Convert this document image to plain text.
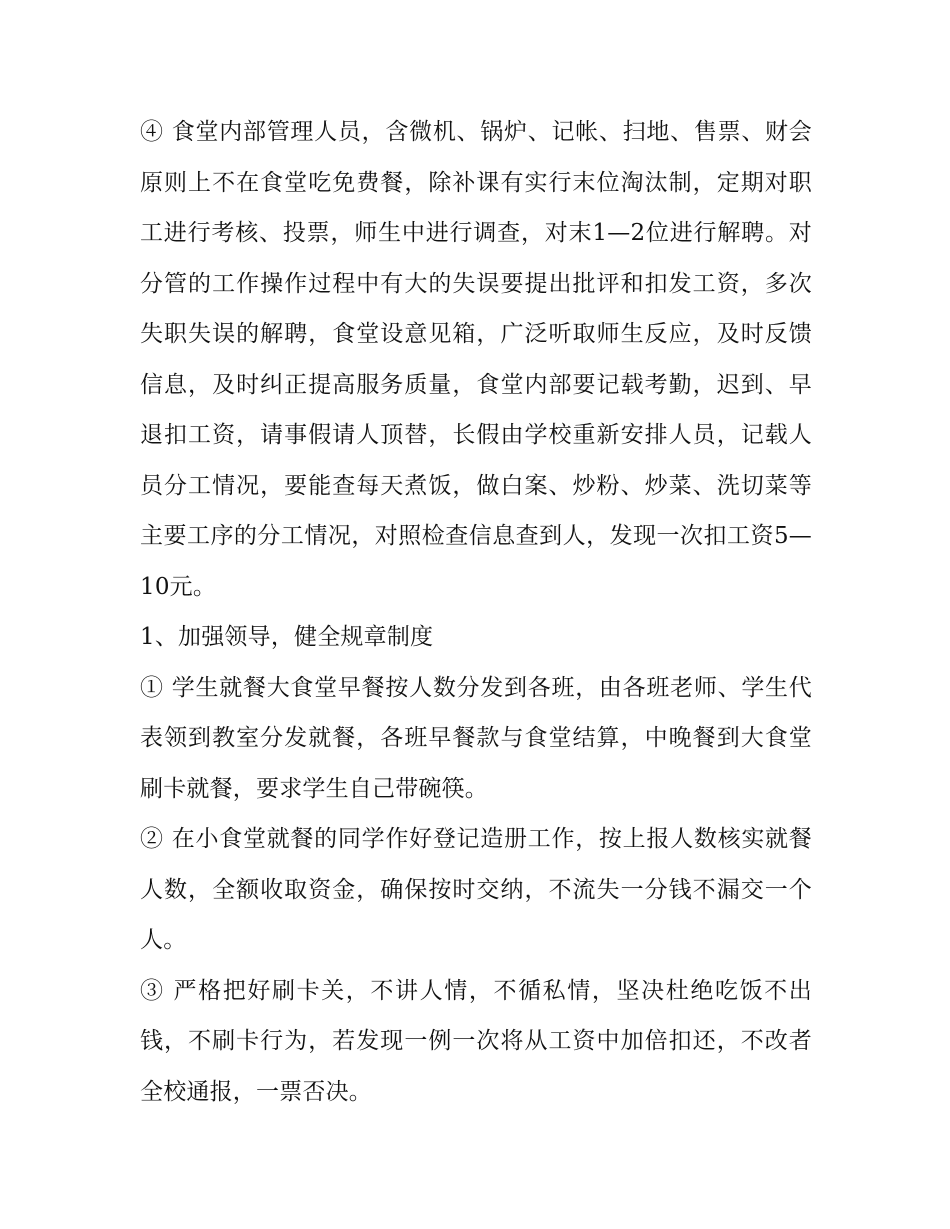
④ 食堂内部管理人员，含微机、锅炉、记帐、扫地、售票、财会原则上不在食堂吃免费餐，除补课有实行末位淘汰制，定期对职工进行考核、投票，师生中进行调查，对末1—2位进行解聘。对分管的工作操作过程中有大的失误要提出批评和扣发工资，多次失职失误的解聘，食堂设意见箱，广泛听取师生反应，及时反馈信息，及时纠正提高服务质量，食堂内部要记载考勤，迟到、早退扣工资，请事假请人顶替，长假由学校重新安排人员，记载人员分工情况，要能查每天煮饭，做白案、炒粉、炒菜、洗切菜等主要工序的分工情况，对照检查信息查到人，发现一次扣工资5—10元。

1、加强领导，健全规章制度

① 学生就餐大食堂早餐按人数分发到各班，由各班老师、学生代表领到教室分发就餐，各班早餐款与食堂结算，中晚餐到大食堂刷卡就餐，要求学生自己带碗筷。

② 在小食堂就餐的同学作好登记造册工作，按上报人数核实就餐人数，全额收取资金，确保按时交纳，不流失一分钱不漏交一个人。

③ 严格把好刷卡关，不讲人情，不循私情，坚决杜绝吃饭不出钱，不刷卡行为，若发现一例一次将从工资中加倍扣还，不改者全校通报，一票否决。
